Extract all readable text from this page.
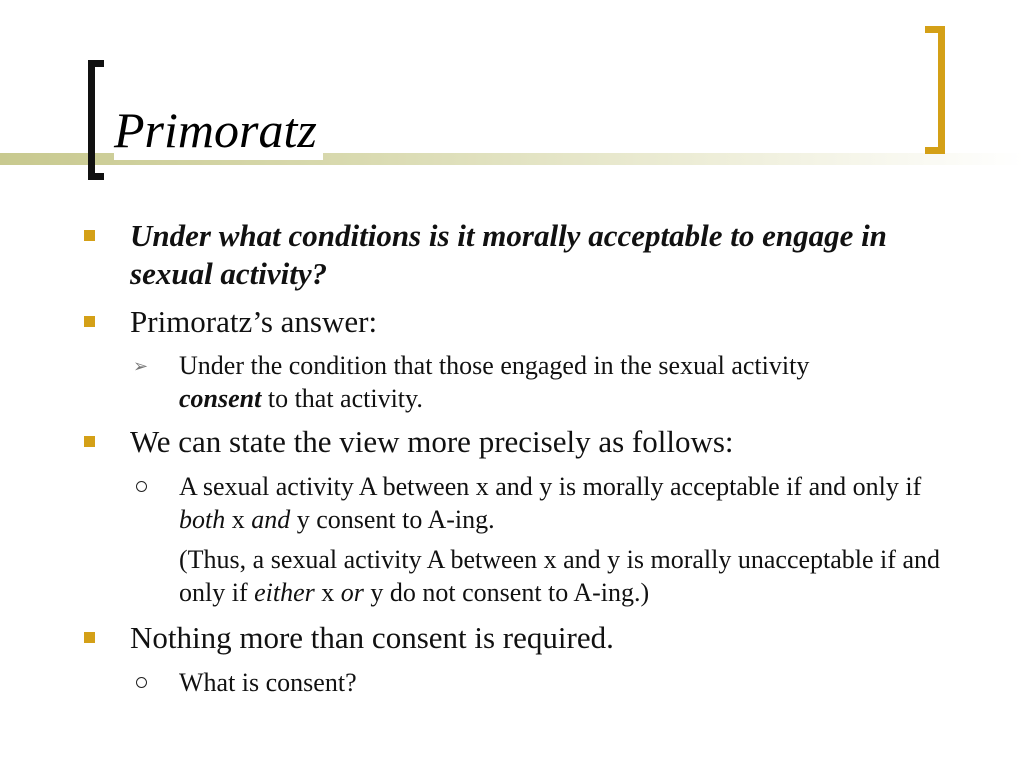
Primoratz
Under what conditions is it morally acceptable to engage in sexual activity?
Primoratz’s answer:
➢ Under the condition that those engaged in the sexual activity
consent to that activity.
We can state the view more precisely as follows:
A sexual activity A between x and y is morally acceptable if and only if both x and y consent to A-ing.
(Thus, a sexual activity A between x and y is morally unacceptable if and only if either x or y do not consent to A-ing.)
Nothing more than consent is required.
What is consent?
